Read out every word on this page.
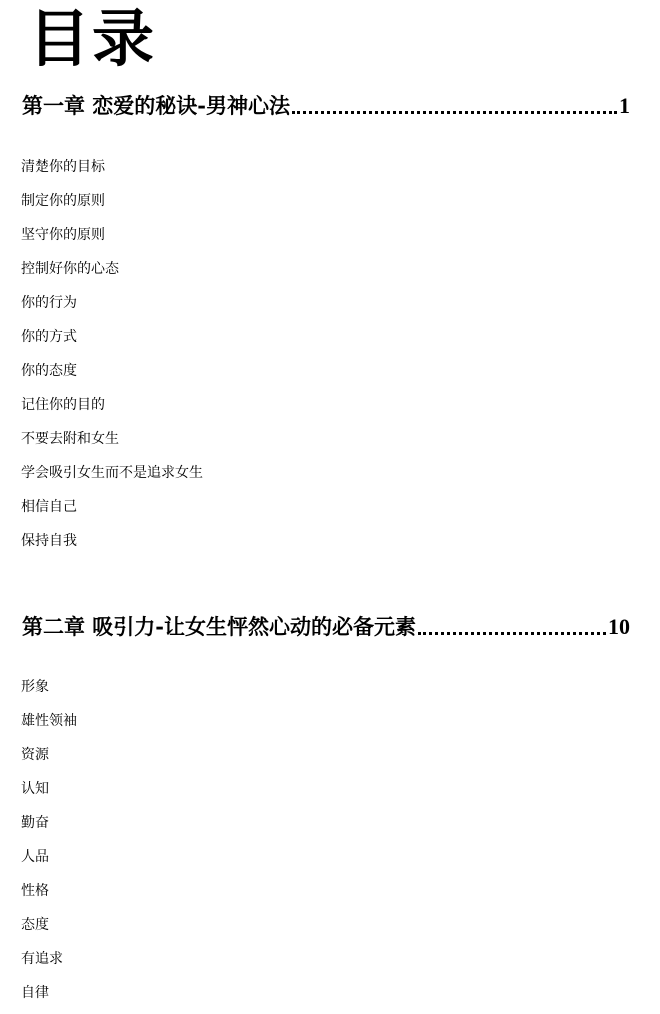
目录
第一章 恋爱的秘诀-男神心法	1
清楚你的目标
制定你的原则
坚守你的原则
控制好你的心态
你的行为
你的方式
你的态度
记住你的目的
不要去附和女生
学会吸引女生而不是追求女生
相信自己
保持自我
第二章 吸引力-让女生怦然心动的必备元素	10
形象
雄性领袖
资源
认知
勤奋
人品
性格
态度
有追求
自律
